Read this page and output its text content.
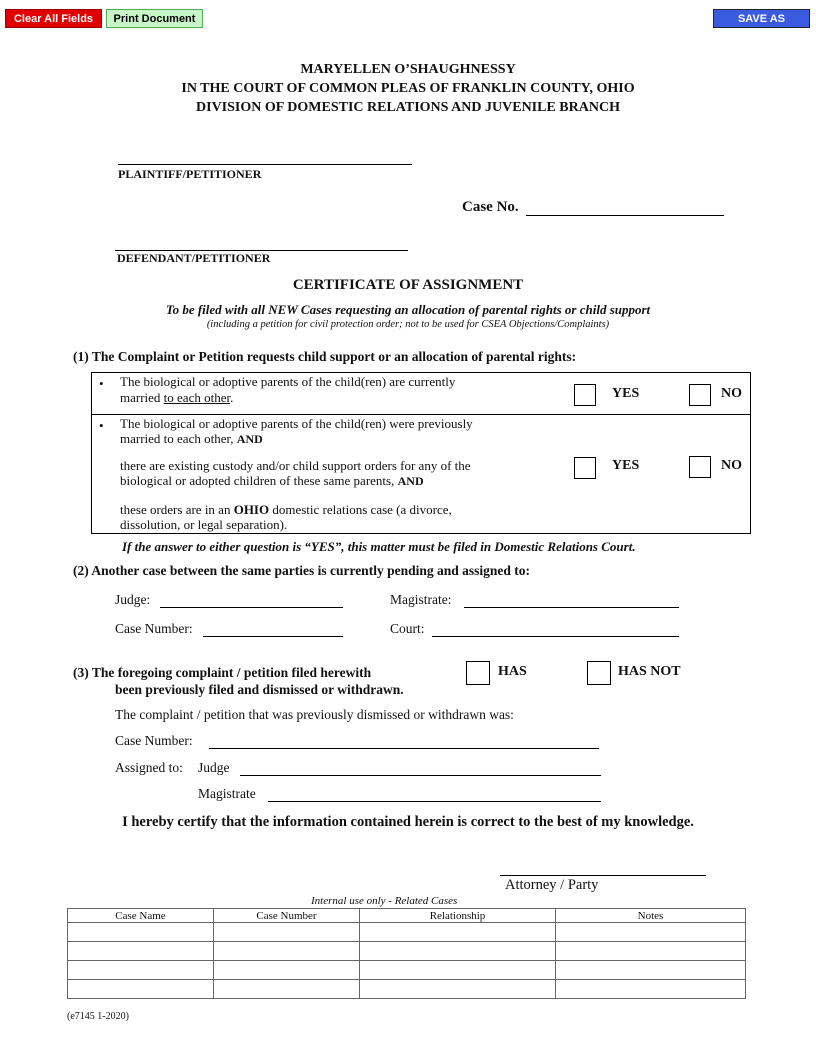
Clear All Fields	Print Document	SAVE AS
MARYELLEN O’SHAUGHNESSY
IN THE COURT OF COMMON PLEAS OF FRANKLIN COUNTY, OHIO
DIVISION OF DOMESTIC RELATIONS AND JUVENILE BRANCH
PLAINTIFF/PETITIONER
Case No.
DEFENDANT/PETITIONER
CERTIFICATE OF ASSIGNMENT
To be filed with all NEW Cases requesting an allocation of parental rights or child support
(including a petition for civil protection order; not to be used for CSEA Objections/Complaints)
(1) The Complaint or Petition requests child support or an allocation of parental rights:
• The biological or adoptive parents of the child(ren) are currently
married to each other.	YES	NO
• The biological or adoptive parents of the child(ren) were previously
married to each other, AND
there are existing custody and/or child support orders for any of the
biological or adopted children of these same parents, AND
these orders are in an OHIO domestic relations case (a divorce,
dissolution, or legal separation).
YES	NO
If the answer to either question is “YES”, this matter must be filed in Domestic Relations Court.
(2) Another case between the same parties is currently pending and assigned to:
Judge:	Magistrate:
Case Number:	Court:
(3) The foregoing complaint / petition filed herewith
been previously filed and dismissed or withdrawn.
HAS	HAS NOT
The complaint / petition that was previously dismissed or withdrawn was:
Case Number:
Assigned to: Judge
Magistrate
I hereby certify that the information contained herein is correct to the best of my knowledge.
Attorney / Party
Internal use only - Related Cases
Case Name	Case Number	Relationship	Notes

(e7145 1-2020)
